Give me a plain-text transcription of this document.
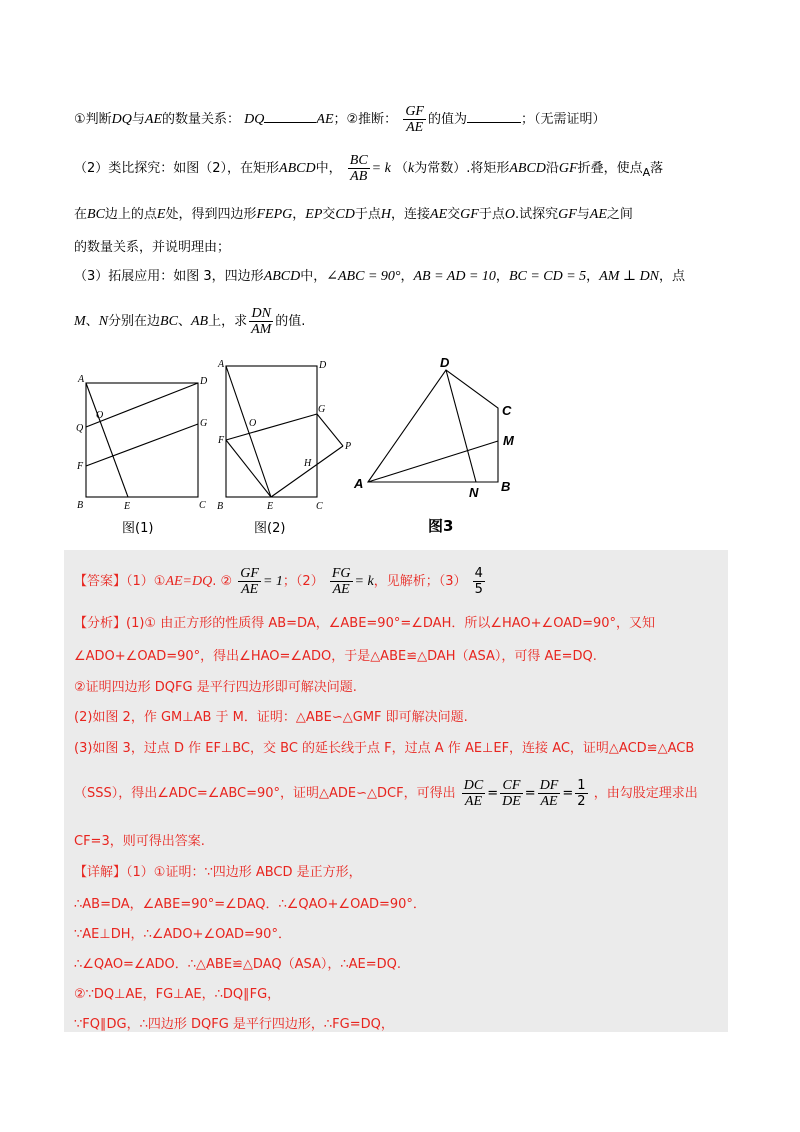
①判断DQ与AE的数量关系： DQ	AE；②推断： $\frac{GF}{AE}$ 的值为	；（无需证明）
（2）类比探究：如图（2），在矩形ABCD中， $\frac{BC}{AB} = k$ （k为常数）.将矩形ABCD沿GF折叠，使点$_A$落
在BC边上的点E处，得到四边形FEPG，EP交CD于点H，连接AE交GF于点O.试探究GF与AE之间
的数量关系，并说明理由；
（3）拓展应用：如图 3，四边形ABCD中，∠ABC = 90°，AB = AD = 10，BC = CD = 5，AM ⊥ DN，点
M、N分别在边BC、AB上，求 $\frac{DN}{AM}$ 的值.
A	D
O
G
Q
F
B	E	C
A	D
G
F
O
P
H
B	E	C
D
C
M
A
N B
图(1)	图(2)	图3
【答案】（1）①AE=DQ. ② $\frac{GF}{AE} = 1$；$(2) \frac{FG}{AE} = k$，见解析；$(3) \frac{4}{5}$
【分析】(1)① 由正方形的性质得 AB=DA，∠ABE=90°=∠DAH．所以∠HAO+∠OAD=90°，又知
∠ADO+∠OAD=90°，得出∠HAO=∠ADO，于是△ABE≌△DAH（ASA），可得 AE=DQ.
②证明四边形 DQFG 是平行四边形即可解决问题.
(2)如图 2，作 GM⊥AB 于 M．证明：△ABE∽△GMF 即可解决问题.
(3)如图 3，过点 D 作 EF⊥BC，交 BC 的延长线于点 F，过点 A 作 AE⊥EF，连接 AC，证明△ACD≌△ACB
（SSS），得出∠ADC=∠ABC=90°，证明△ADE∽△DCF，可得出 $\frac{DC}{AE} = \frac{CF}{DE} = \frac{DF}{AE} = \frac{1}{2}$ ，由勾股定理求出
CF=3，则可得出答案.
【详解】（1）①证明：∵四边形 ABCD 是正方形，
∴AB=DA，∠ABE=90°=∠DAQ．∴∠QAO+∠OAD=90°．
∵AE⊥DH，∴∠ADO+∠OAD=90°．
∴∠QAO=∠ADO．∴△ABE≌△DAQ（ASA），∴AE=DQ.
②∵DQ⊥AE，FG⊥AE，∴DQ∥FG，
∵FQ∥DG，∴四边形 DQFG 是平行四边形，∴FG=DQ，
